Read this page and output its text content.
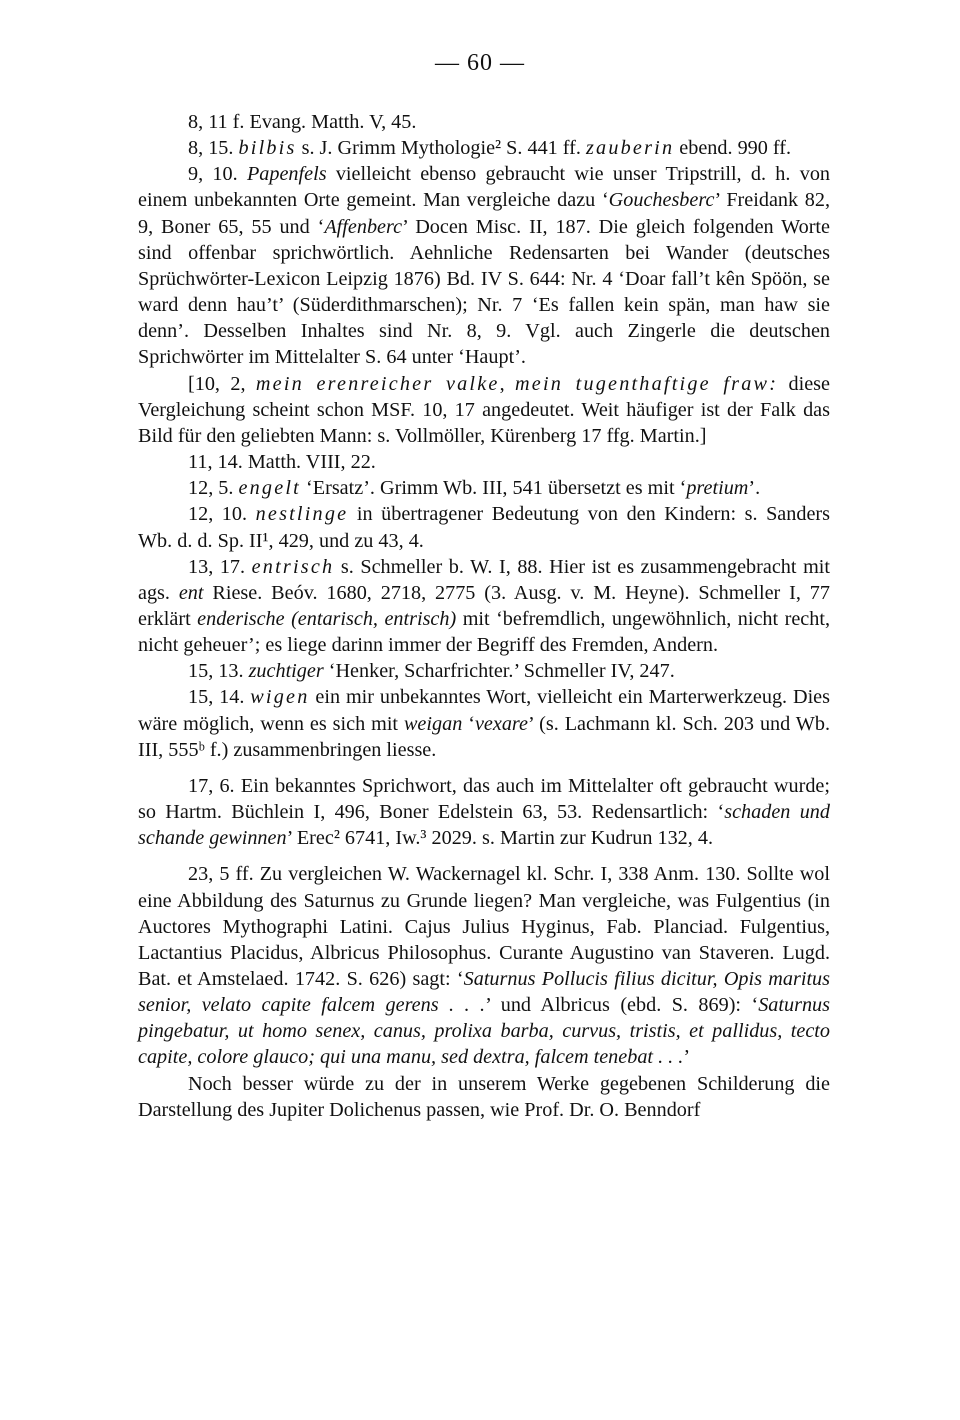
— 60 —

8, 11 f. Evang. Matth. V, 45.

8, 15. bilbis s. J. Grimm Mythologie² S. 441 ff. zauberin ebend. 990 ff.

9, 10. Papenfels vielleicht ebenso gebraucht wie unser Tripstrill, d. h. von einem unbekannten Orte gemeint. Man vergleiche dazu ‘Gouchesberc’ Freidank 82, 9, Boner 65, 55 und ‘Affenberc’ Docen Misc. II, 187. Die gleich folgenden Worte sind offenbar sprichwörtlich. Aehnliche Redensarten bei Wander (deutsches Sprüchwörter-Lexicon Leipzig 1876) Bd. IV S. 644: Nr. 4 ‘Doar fall’t kên Spöön, se ward denn hau’t’ (Süderdithmarschen); Nr. 7 ‘Es fallen kein spän, man haw sie denn’. Desselben Inhaltes sind Nr. 8, 9. Vgl. auch Zingerle die deutschen Sprichwörter im Mittelalter S. 64 unter ‘Haupt’.

[10, 2, mein erenreicher valke, mein tugenthaftige fraw: diese Vergleichung scheint schon MSF. 10, 17 angedeutet. Weit häufiger ist der Falk das Bild für den geliebten Mann: s. Vollmöller, Kürenberg 17 ffg. Martin.]

11, 14. Matth. VIII, 22.

12, 5. engelt ‘Ersatz’. Grimm Wb. III, 541 übersetzt es mit ‘pretium’.

12, 10. nestlinge in übertragener Bedeutung von den Kindern: s. Sanders Wb. d. d. Sp. II¹, 429, und zu 43, 4.

13, 17. entrisch s. Schmeller b. W. I, 88. Hier ist es zusammengebracht mit ags. ent Riese. Beóv. 1680, 2718, 2775 (3. Ausg. v. M. Heyne). Schmeller I, 77 erklärt enderische (entarisch, entrisch) mit ‘befremdlich, ungewöhnlich, nicht recht, nicht geheuer’; es liege darinn immer der Begriff des Fremden, Andern.

15, 13. zuchtiger ‘Henker, Scharfrichter.’ Schmeller IV, 247.

15, 14. wigen ein mir unbekanntes Wort, vielleicht ein Marterwerkzeug. Dies wäre möglich, wenn es sich mit weigan ‘vexare’ (s. Lachmann kl. Sch. 203 und Wb. III, 555ᵇ f.) zusammenbringen liesse.

17, 6. Ein bekanntes Sprichwort, das auch im Mittelalter oft gebraucht wurde; so Hartm. Büchlein I, 496, Boner Edelstein 63, 53. Redensartlich: ‘schaden und schande gewinnen’ Erec² 6741, Iw.³ 2029. s. Martin zur Kudrun 132, 4.

23, 5 ff. Zu vergleichen W. Wackernagel kl. Schr. I, 338 Anm. 130. Sollte wol eine Abbildung des Saturnus zu Grunde liegen? Man vergleiche, was Fulgentius (in Auctores Mythographi Latini. Cajus Julius Hyginus, Fab. Planciad. Fulgentius, Lactantius Placidus, Albricus Philosophus. Curante Augustino van Staveren. Lugd. Bat. et Amstelaed. 1742. S. 626) sagt: ‘Saturnus Pollucis filius dicitur, Opis maritus senior, velato capite falcem gerens . . .’ und Albricus (ebd. S. 869): ‘Saturnus pingebatur, ut homo senex, canus, prolixa barba, curvus, tristis, et pallidus, tecto capite, colore glauco; qui una manu, sed dextra, falcem tenebat . . .’

Noch besser würde zu der in unserem Werke gegebenen Schilderung die Darstellung des Jupiter Dolichenus passen, wie Prof. Dr. O. Benndorf
